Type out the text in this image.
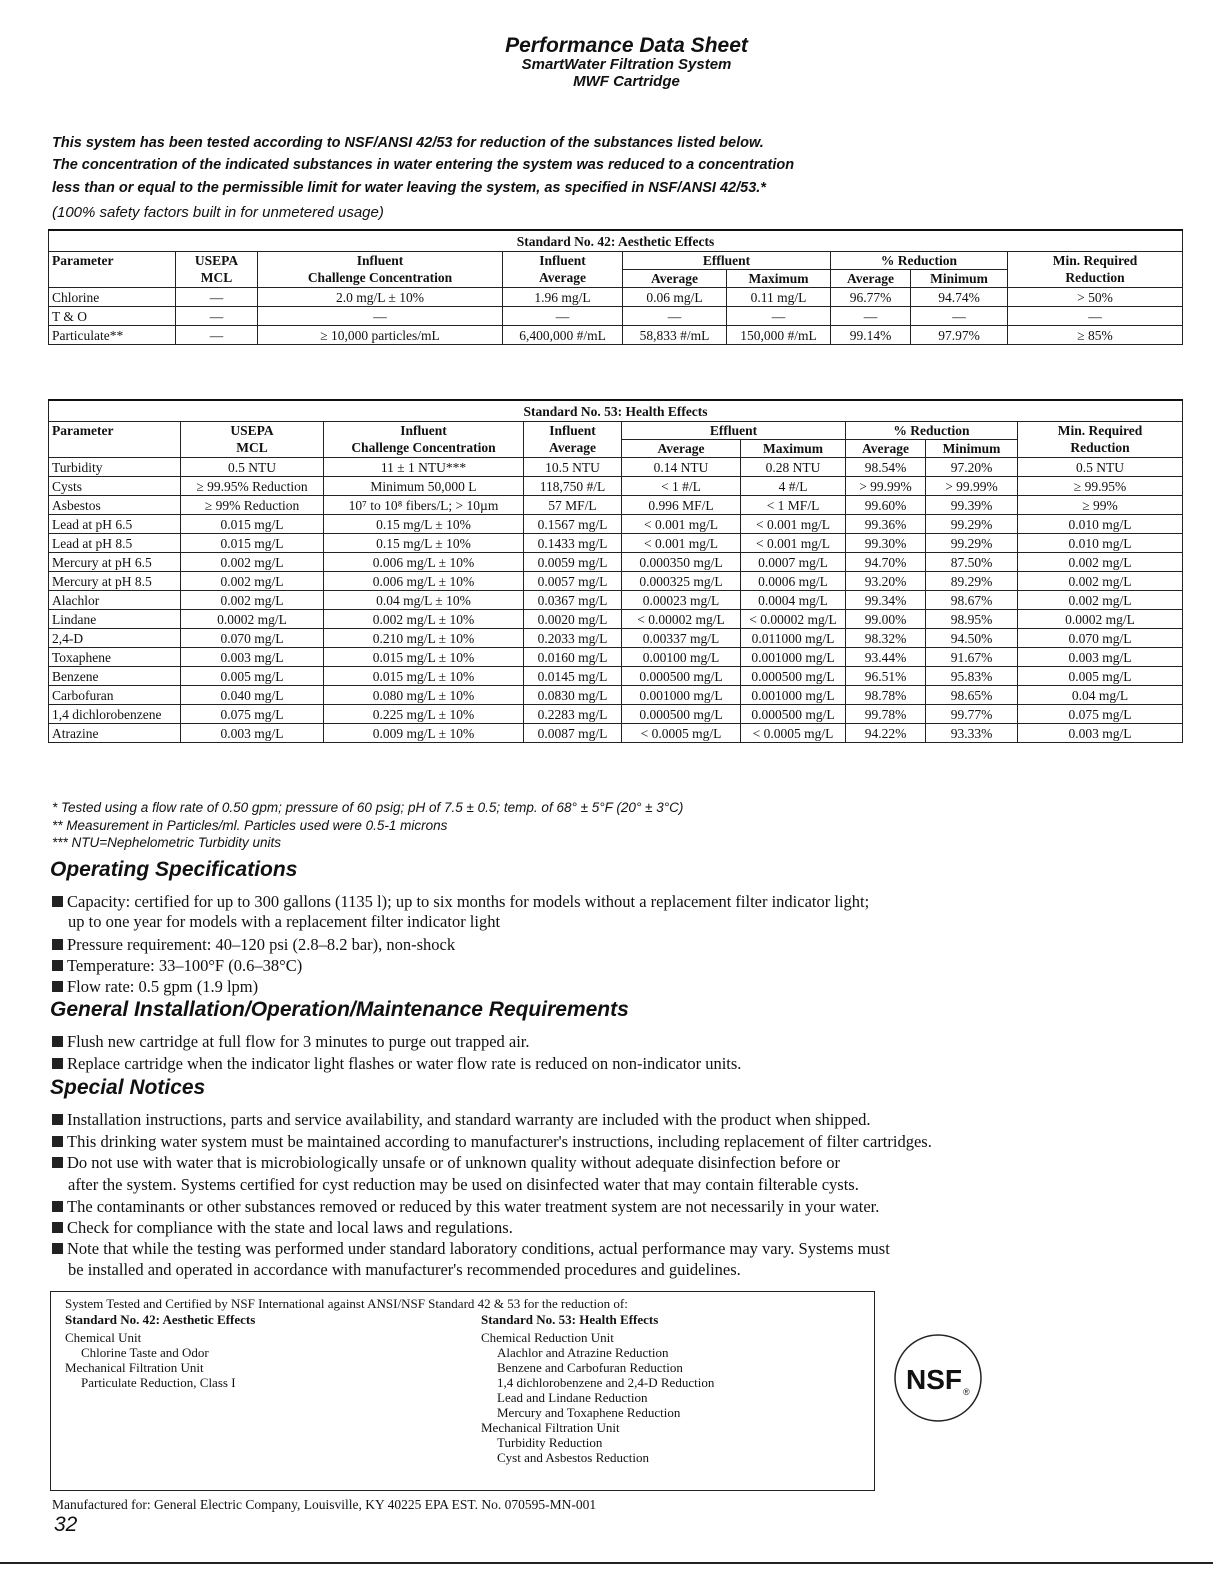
Performance Data Sheet
SmartWater Filtration System
MWF Cartridge
This system has been tested according to NSF/ANSI 42/53 for reduction of the substances listed below.
The concentration of the indicated substances in water entering the system was reduced to a concentration
less than or equal to the permissible limit for water leaving the system, as specified in NSF/ANSI 42/53.*
(100% safety factors built in for unmetered usage)
Standard No. 42: Aesthetic Effects								
Parameter	USEPA	Influent	Influent	Effluent		% Reduction		Min. Required
	MCL	Challenge Concentration	Average	Average	Maximum	Average	Minimum	Reduction
Chlorine	—	2.0 mg/L ± 10%	1.96 mg/L	0.06 mg/L	0.11 mg/L	96.77%	94.74%	> 50%
T & O	—	—	—	—	—	—	—	—
Particulate**	—	≥ 10,000 particles/mL	6,400,000 #/mL	58,833 #/mL	150,000 #/mL	99.14%	97.97%	≥ 85%
Standard No. 53: Health Effects								
Parameter	USEPA	Influent	Influent	Effluent		% Reduction		Min. Required
	MCL	Challenge Concentration	Average	Average	Maximum	Average	Minimum	Reduction
Turbidity	0.5 NTU	11 ± 1 NTU***	10.5 NTU	0.14 NTU	0.28 NTU	98.54%	97.20%	0.5 NTU
Cysts	≥ 99.95% Reduction	Minimum 50,000 L	118,750 #/L	< 1 #/L	4 #/L	> 99.99%	> 99.99%	≥ 99.95%
Asbestos	≥ 99% Reduction	10⁷ to 10⁸ fibers/L; > 10µm	57 MF/L	0.996 MF/L	< 1 MF/L	99.60%	99.39%	≥ 99%
Lead at pH 6.5	0.015 mg/L	0.15 mg/L ± 10%	0.1567 mg/L	< 0.001 mg/L	< 0.001 mg/L	99.36%	99.29%	0.010 mg/L
Lead at pH 8.5	0.015 mg/L	0.15 mg/L ± 10%	0.1433 mg/L	< 0.001 mg/L	< 0.001 mg/L	99.30%	99.29%	0.010 mg/L
Mercury at pH 6.5	0.002 mg/L	0.006 mg/L ± 10%	0.0059 mg/L	0.000350 mg/L	0.0007 mg/L	94.70%	87.50%	0.002 mg/L
Mercury at pH 8.5	0.002 mg/L	0.006 mg/L ± 10%	0.0057 mg/L	0.000325 mg/L	0.0006 mg/L	93.20%	89.29%	0.002 mg/L
Alachlor	0.002 mg/L	0.04 mg/L ± 10%	0.0367 mg/L	0.00023 mg/L	0.0004 mg/L	99.34%	98.67%	0.002 mg/L
Lindane	0.0002 mg/L	0.002 mg/L ± 10%	0.0020 mg/L	< 0.00002 mg/L	< 0.00002 mg/L	99.00%	98.95%	0.0002 mg/L
2,4-D	0.070 mg/L	0.210 mg/L ± 10%	0.2033 mg/L	0.00337 mg/L	0.011000 mg/L	98.32%	94.50%	0.070 mg/L
Toxaphene	0.003 mg/L	0.015 mg/L ± 10%	0.0160 mg/L	0.00100 mg/L	0.001000 mg/L	93.44%	91.67%	0.003 mg/L
Benzene	0.005 mg/L	0.015 mg/L ± 10%	0.0145 mg/L	0.000500 mg/L	0.000500 mg/L	96.51%	95.83%	0.005 mg/L
Carbofuran	0.040 mg/L	0.080 mg/L ± 10%	0.0830 mg/L	0.001000 mg/L	0.001000 mg/L	98.78%	98.65%	0.04 mg/L
1,4 dichlorobenzene	0.075 mg/L	0.225 mg/L ± 10%	0.2283 mg/L	0.000500 mg/L	0.000500 mg/L	99.78%	99.77%	0.075 mg/L
Atrazine	0.003 mg/L	0.009 mg/L ± 10%	0.0087 mg/L	< 0.0005 mg/L	< 0.0005 mg/L	94.22%	93.33%	0.003 mg/L
* Tested using a flow rate of 0.50 gpm; pressure of 60 psig; pH of 7.5 ± 0.5; temp. of 68° ± 5°F (20° ± 3°C)
** Measurement in Particles/ml. Particles used were 0.5-1 microns
*** NTU=Nephelometric Turbidity units
Operating Specifications
Capacity: certified for up to 300 gallons (1135 l); up to six months for models without a replacement filter indicator light;
up to one year for models with a replacement filter indicator light
Pressure requirement: 40–120 psi (2.8–8.2 bar), non-shock
Temperature: 33–100°F (0.6–38°C)
Flow rate: 0.5 gpm (1.9 lpm)
General Installation/Operation/Maintenance Requirements
Flush new cartridge at full flow for 3 minutes to purge out trapped air.
Replace cartridge when the indicator light flashes or water flow rate is reduced on non-indicator units.
Special Notices
Installation instructions, parts and service availability, and standard warranty are included with the product when shipped.
This drinking water system must be maintained according to manufacturer's instructions, including replacement of filter cartridges.
Do not use with water that is microbiologically unsafe or of unknown quality without adequate disinfection before or
after the system. Systems certified for cyst reduction may be used on disinfected water that may contain filterable cysts.
The contaminants or other substances removed or reduced by this water treatment system are not necessarily in your water.
Check for compliance with the state and local laws and regulations.
Note that while the testing was performed under standard laboratory conditions, actual performance may vary. Systems must
be installed and operated in accordance with manufacturer's recommended procedures and guidelines.
System Tested and Certified by NSF International against ANSI/NSF Standard 42 & 53 for the reduction of:
Standard No. 42: Aesthetic Effects
Chemical Unit
Chlorine Taste and Odor
Mechanical Filtration Unit
Particulate Reduction, Class I
Standard No. 53: Health Effects
Chemical Reduction Unit
Alachlor and Atrazine Reduction
Benzene and Carbofuran Reduction
1,4 dichlorobenzene and 2,4-D Reduction
Lead and Lindane Reduction
Mercury and Toxaphene Reduction
Mechanical Filtration Unit
Turbidity Reduction
Cyst and Asbestos Reduction
NSF ®
Manufactured for: General Electric Company, Louisville, KY 40225 EPA EST. No. 070595-MN-001
32
